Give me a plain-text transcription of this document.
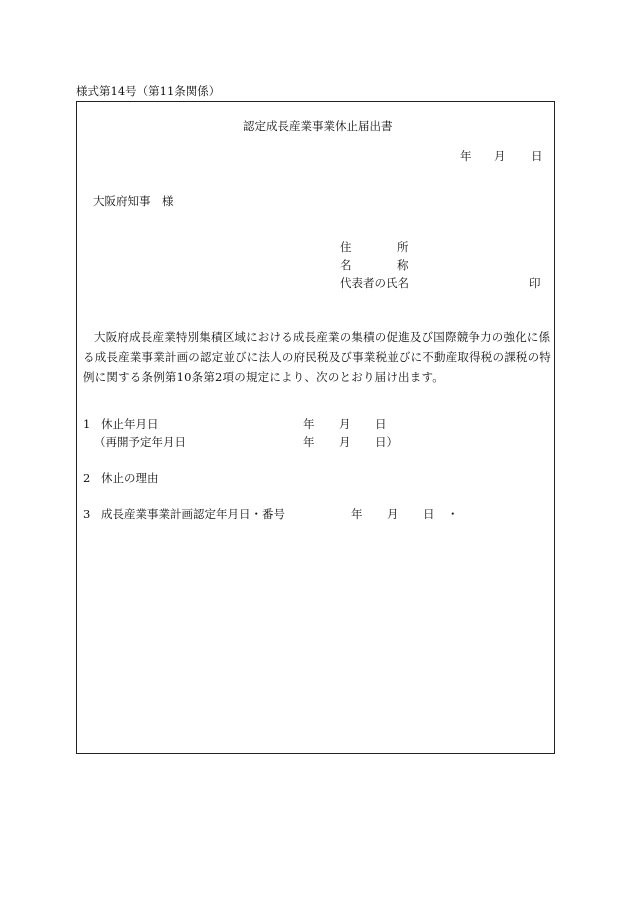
様式第14号（第11条関係）
認定成長産業事業休止届出書
年 月 日
大阪府知事　様
住	所
名	称
代表者の氏名	印
大阪府成長産業特別集積区域における成長産業の集積の促進及び国際競争力の強化に係る成長産業事業計画の認定並びに法人の府民税及び事業税並びに不動産取得税の課税の特例に関する条例第10条第2項の規定により、次のとおり届け出ます。
1 休止年月日	年 月 日
（再開予定年月日	年 月 日）
2 休止の理由
3 成長産業事業計画認定年月日・番号	年 月 日 ・
